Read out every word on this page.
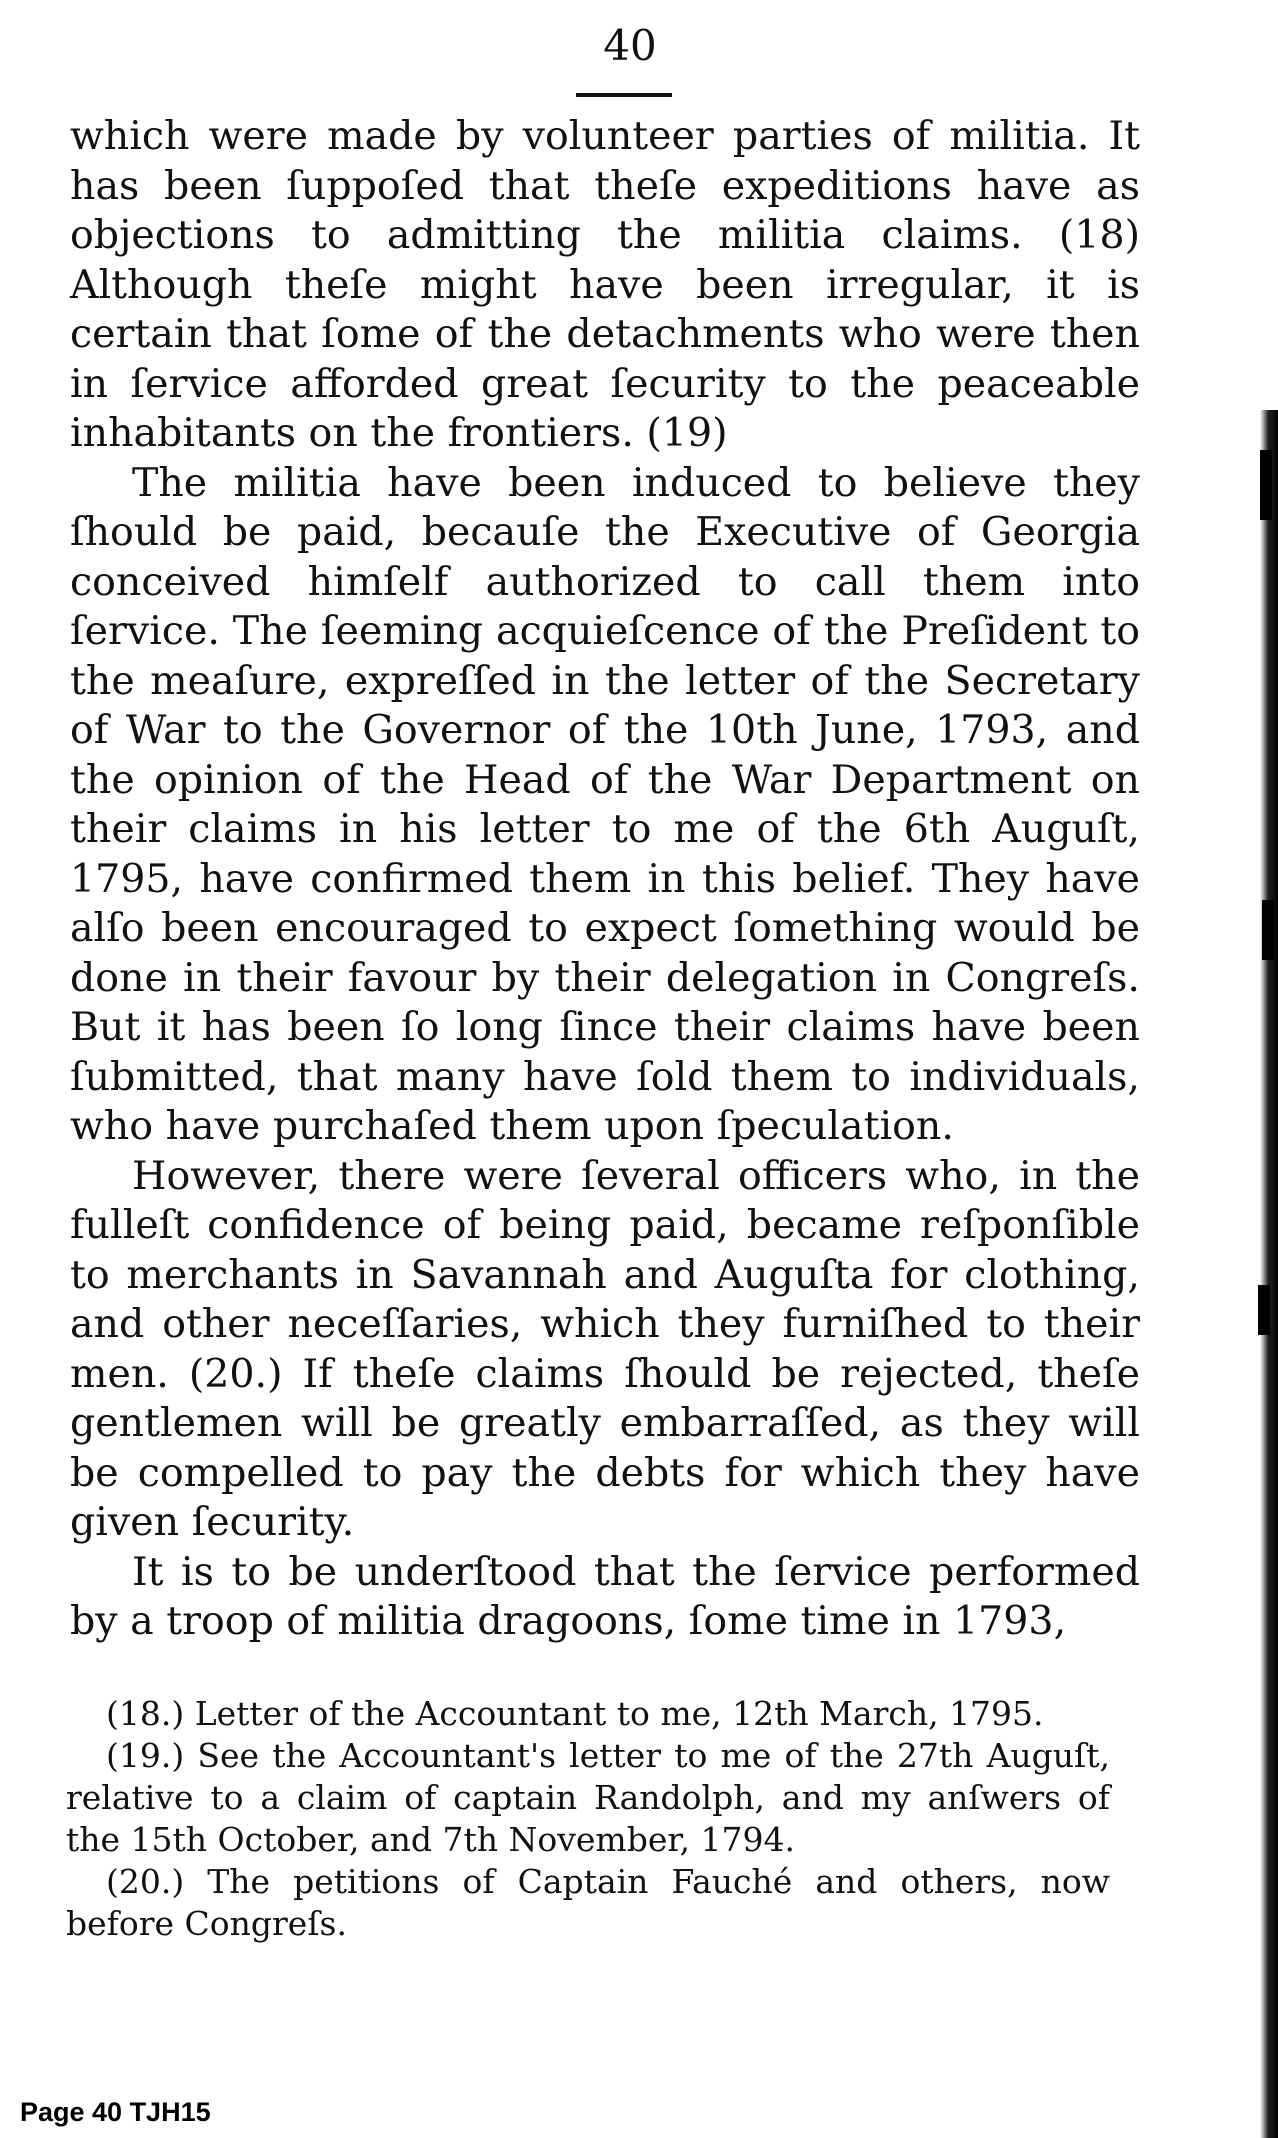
40

which were made by volunteer parties of militia. It has been ſuppoſed that theſe expeditions have as objections to admitting the militia claims. (18) Although theſe might have been irregular, it is certain that ſome of the detachments who were then in ſervice afforded great ſecurity to the peaceable inhabitants on the frontiers. (19)

The militia have been induced to believe they ſhould be paid, becauſe the Executive of Georgia conceived himſelf authorized to call them into ſervice. The ſeeming acquieſcence of the Preſident to the meaſure, expreſſed in the letter of the Secretary of War to the Governor of the 10th June, 1793, and the opinion of the Head of the War Department on their claims in his letter to me of the 6th Auguſt, 1795, have confirmed them in this belief. They have alſo been encouraged to expect ſomething would be done in their favour by their delegation in Congreſs. But it has been ſo long ſince their claims have been ſubmitted, that many have ſold them to individuals, who have purchaſed them upon ſpeculation.

However, there were ſeveral officers who, in the fulleſt confidence of being paid, became reſponſible to merchants in Savannah and Auguſta for clothing, and other neceſſaries, which they furniſhed to their men. (20.) If theſe claims ſhould be rejected, theſe gentlemen will be greatly embarraſſed, as they will be compelled to pay the debts for which they have given ſecurity.

It is to be underſtood that the ſervice performed by a troop of militia dragoons, ſome time in 1793,

(18.) Letter of the Accountant to me, 12th March, 1795.

(19.) See the Accountant's letter to me of the 27th Auguſt, relative to a claim of captain Randolph, and my anſwers of the 15th October, and 7th November, 1794.

(20.) The petitions of Captain Fauché and others, now before Congreſs.

Page 40 TJH15
